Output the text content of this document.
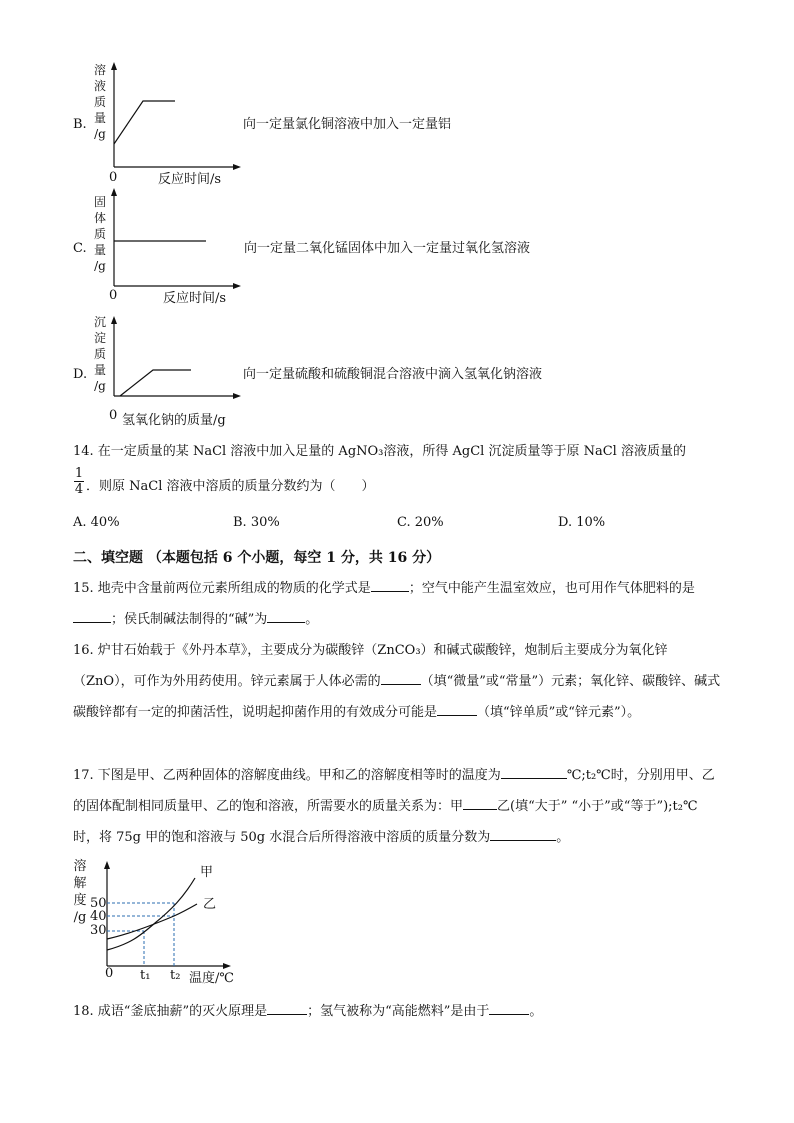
B.
溶
液
质
量
/g
0	反应时间/s
向一定量氯化铜溶液中加入一定量铝
C.
固
体
质
量
/g
0	反应时间/s
向一定量二氧化锰固体中加入一定量过氧化氢溶液
D.
沉
淀
质
量
/g
0 氢氧化钠的质量/g
向一定量硫酸和硫酸铜混合溶液中滴入氢氧化钠溶液
14. 在一定质量的某 NaCl 溶液中加入足量的 AgNO₃溶液，所得 AgCl 沉淀质量等于原 NaCl 溶液质量的
$\frac{1}{4}$ ．则原 NaCl 溶液中溶质的质量分数约为（　　）
A. 40%	B. 30%	C. 20%	D. 10%
二、填空题 （本题包括 6 个小题，每空 1 分，共 16 分）
15. 地壳中含量前两位元素所组成的物质的化学式是	；空气中能产生温室效应，也可用作气体肥料的是；侯氏制碱法制得的“碱”为	。
16. 炉甘石始载于《外丹本草》，主要成分为碳酸锌（ZnCO₃）和碱式碳酸锌，炮制后主要成分为氧化锌（ZnO），可作为外用药使用。锌元素属于人体必需的	（填“微量”或“常量”）元素；氧化锌、碳酸锌、碱式碳酸锌都有一定的抑菌活性，说明起抑菌作用的有效成分可能是	（填“锌单质”或“锌元素”）。
17. 下图是甲、乙两种固体的溶解度曲线。甲和乙的溶解度相等时的温度为	℃;t₂℃时，分别用甲、乙的固体配制相同质量甲、乙的饱和溶液，所需要水的质量关系为：甲	乙(填“大于” “小于”或“等于”);t₂℃时，将 75g 甲的饱和溶液与 50g 水混合后所得溶液中溶质的质量分数为	。
溶
解
度
/g
50
40
30
0 t₁ t₂ 温度/℃
甲
乙
18. 成语“釜底抽薪”的灭火原理是	；氢气被称为“高能燃料”是由于	。
